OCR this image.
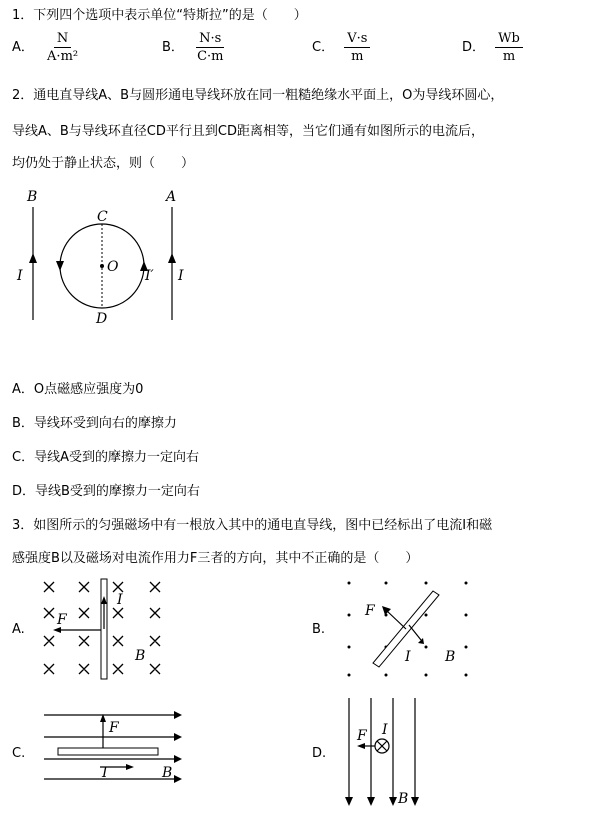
1．下列四个选项中表示单位“特斯拉”的是（　　）
A． $\frac{N}{\text{A·m²}}$	B． $\frac{N\cdot s}{C\cdot m}$	C． $\frac{V\cdot s}{m}$	D． $\frac{Wb}{m}$
2．通电直导线A、B与圆形通电导线环放在同一粗糙绝缘水平面上，O为导线环圆心，
导线A、B与导线环直径CD平行且到CD距离相等，当它们通有如图所示的电流后，
均仍处于静止状态，则（　　）
B	A
C
D
O
I	I′ I
A．O点磁感应强度为0
B．导线环受到向右的摩擦力
C．导线A受到的摩擦力一定向右
D．导线B受到的摩擦力一定向右
3．如图所示的匀强磁场中有一根放入其中的通电直导线，图中已经标出了电流I和磁
感强度B以及磁场对电流作用力F三者的方向，其中不正确的是（　　）
A.
F
I
B
B.
F
I B
C.
F
I	B
D.
F I
B
